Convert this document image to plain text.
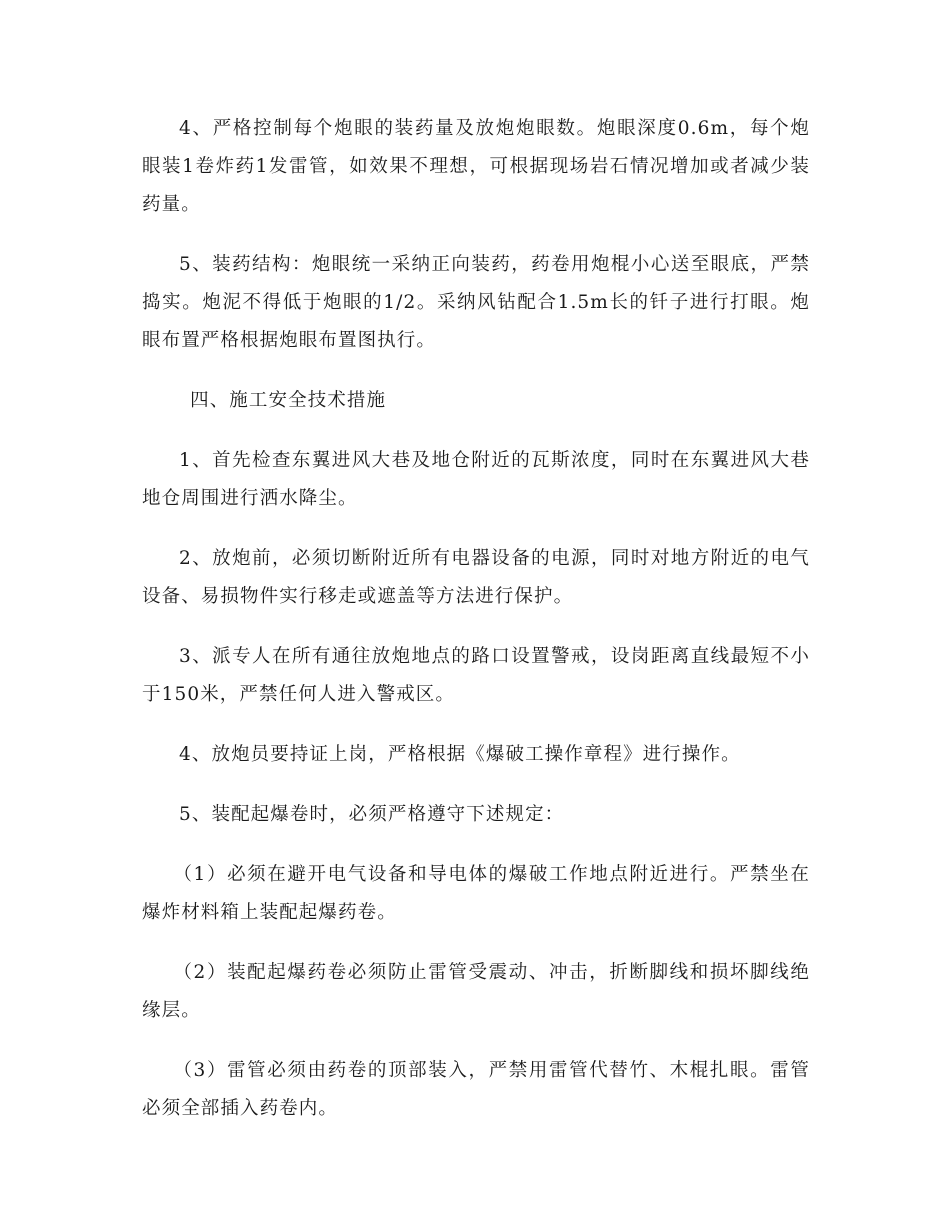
4、严格控制每个炮眼的装药量及放炮炮眼数。炮眼深度0.6m，每个炮眼装1卷炸药1发雷管，如效果不理想，可根据现场岩石情况增加或者减少装药量。

5、装药结构：炮眼统一采纳正向装药，药卷用炮棍小心送至眼底，严禁捣实。炮泥不得低于炮眼的1/2。采纳风钻配合1.5m长的钎子进行打眼。炮眼布置严格根据炮眼布置图执行。

四、施工安全技术措施

1、首先检查东翼进风大巷及地仓附近的瓦斯浓度，同时在东翼进风大巷地仓周围进行洒水降尘。

2、放炮前，必须切断附近所有电器设备的电源，同时对地方附近的电气设备、易损物件实行移走或遮盖等方法进行保护。

3、派专人在所有通往放炮地点的路口设置警戒，设岗距离直线最短不小于150米，严禁任何人进入警戒区。

4、放炮员要持证上岗，严格根据《爆破工操作章程》进行操作。

5、装配起爆卷时，必须严格遵守下述规定：

（1）必须在避开电气设备和导电体的爆破工作地点附近进行。严禁坐在爆炸材料箱上装配起爆药卷。

（2）装配起爆药卷必须防止雷管受震动、冲击，折断脚线和损坏脚线绝缘层。

（3）雷管必须由药卷的顶部装入，严禁用雷管代替竹、木棍扎眼。雷管必须全部插入药卷内。
